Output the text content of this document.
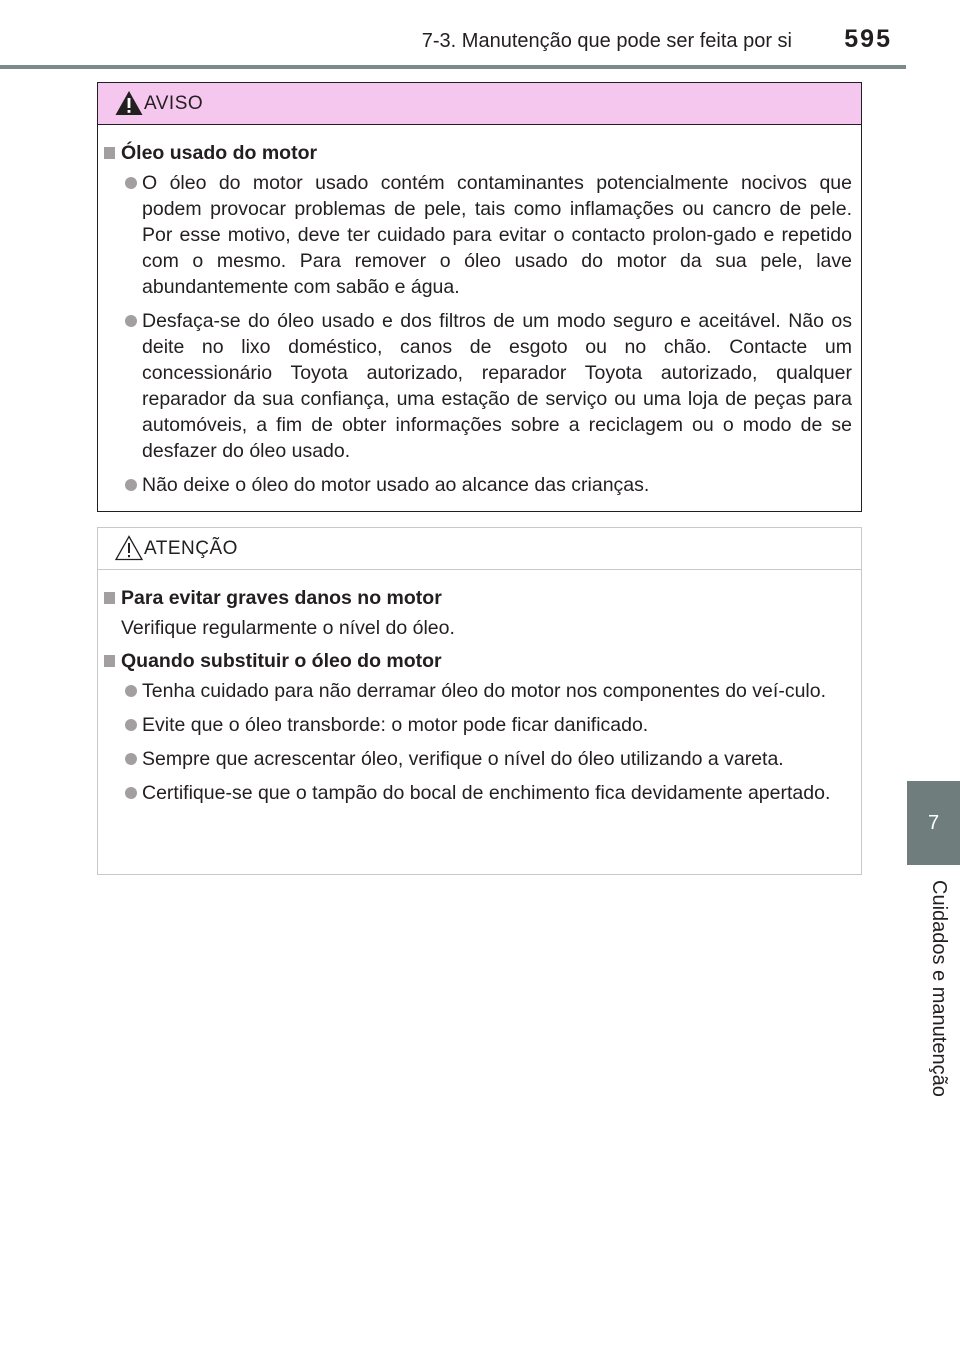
7-3. Manutenção que pode ser feita por si 595
7
Cuidados e manutenção
AVISO
Óleo usado do motor
O óleo do motor usado contém contaminantes potencialmente nocivos que podem provocar problemas de pele, tais como inflamações ou cancro de pele. Por esse motivo, deve ter cuidado para evitar o contacto prolon-gado e repetido com o mesmo. Para remover o óleo usado do motor da sua pele, lave abundantemente com sabão e água.
Desfaça-se do óleo usado e dos filtros de um modo seguro e aceitável. Não os deite no lixo doméstico, canos de esgoto ou no chão. Contacte um concessionário Toyota autorizado, reparador Toyota autorizado, qualquer reparador da sua confiança, uma estação de serviço ou uma loja de peças para automóveis, a fim de obter informações sobre a reciclagem ou o modo de se desfazer do óleo usado.
Não deixe o óleo do motor usado ao alcance das crianças.
ATENÇÃO
Para evitar graves danos no motor
Verifique regularmente o nível do óleo.
Quando substituir o óleo do motor
Tenha cuidado para não derramar óleo do motor nos componentes do veí-culo.
Evite que o óleo transborde: o motor pode ficar danificado.
Sempre que acrescentar óleo, verifique o nível do óleo utilizando a vareta.
Certifique-se que o tampão do bocal de enchimento fica devidamente apertado.
